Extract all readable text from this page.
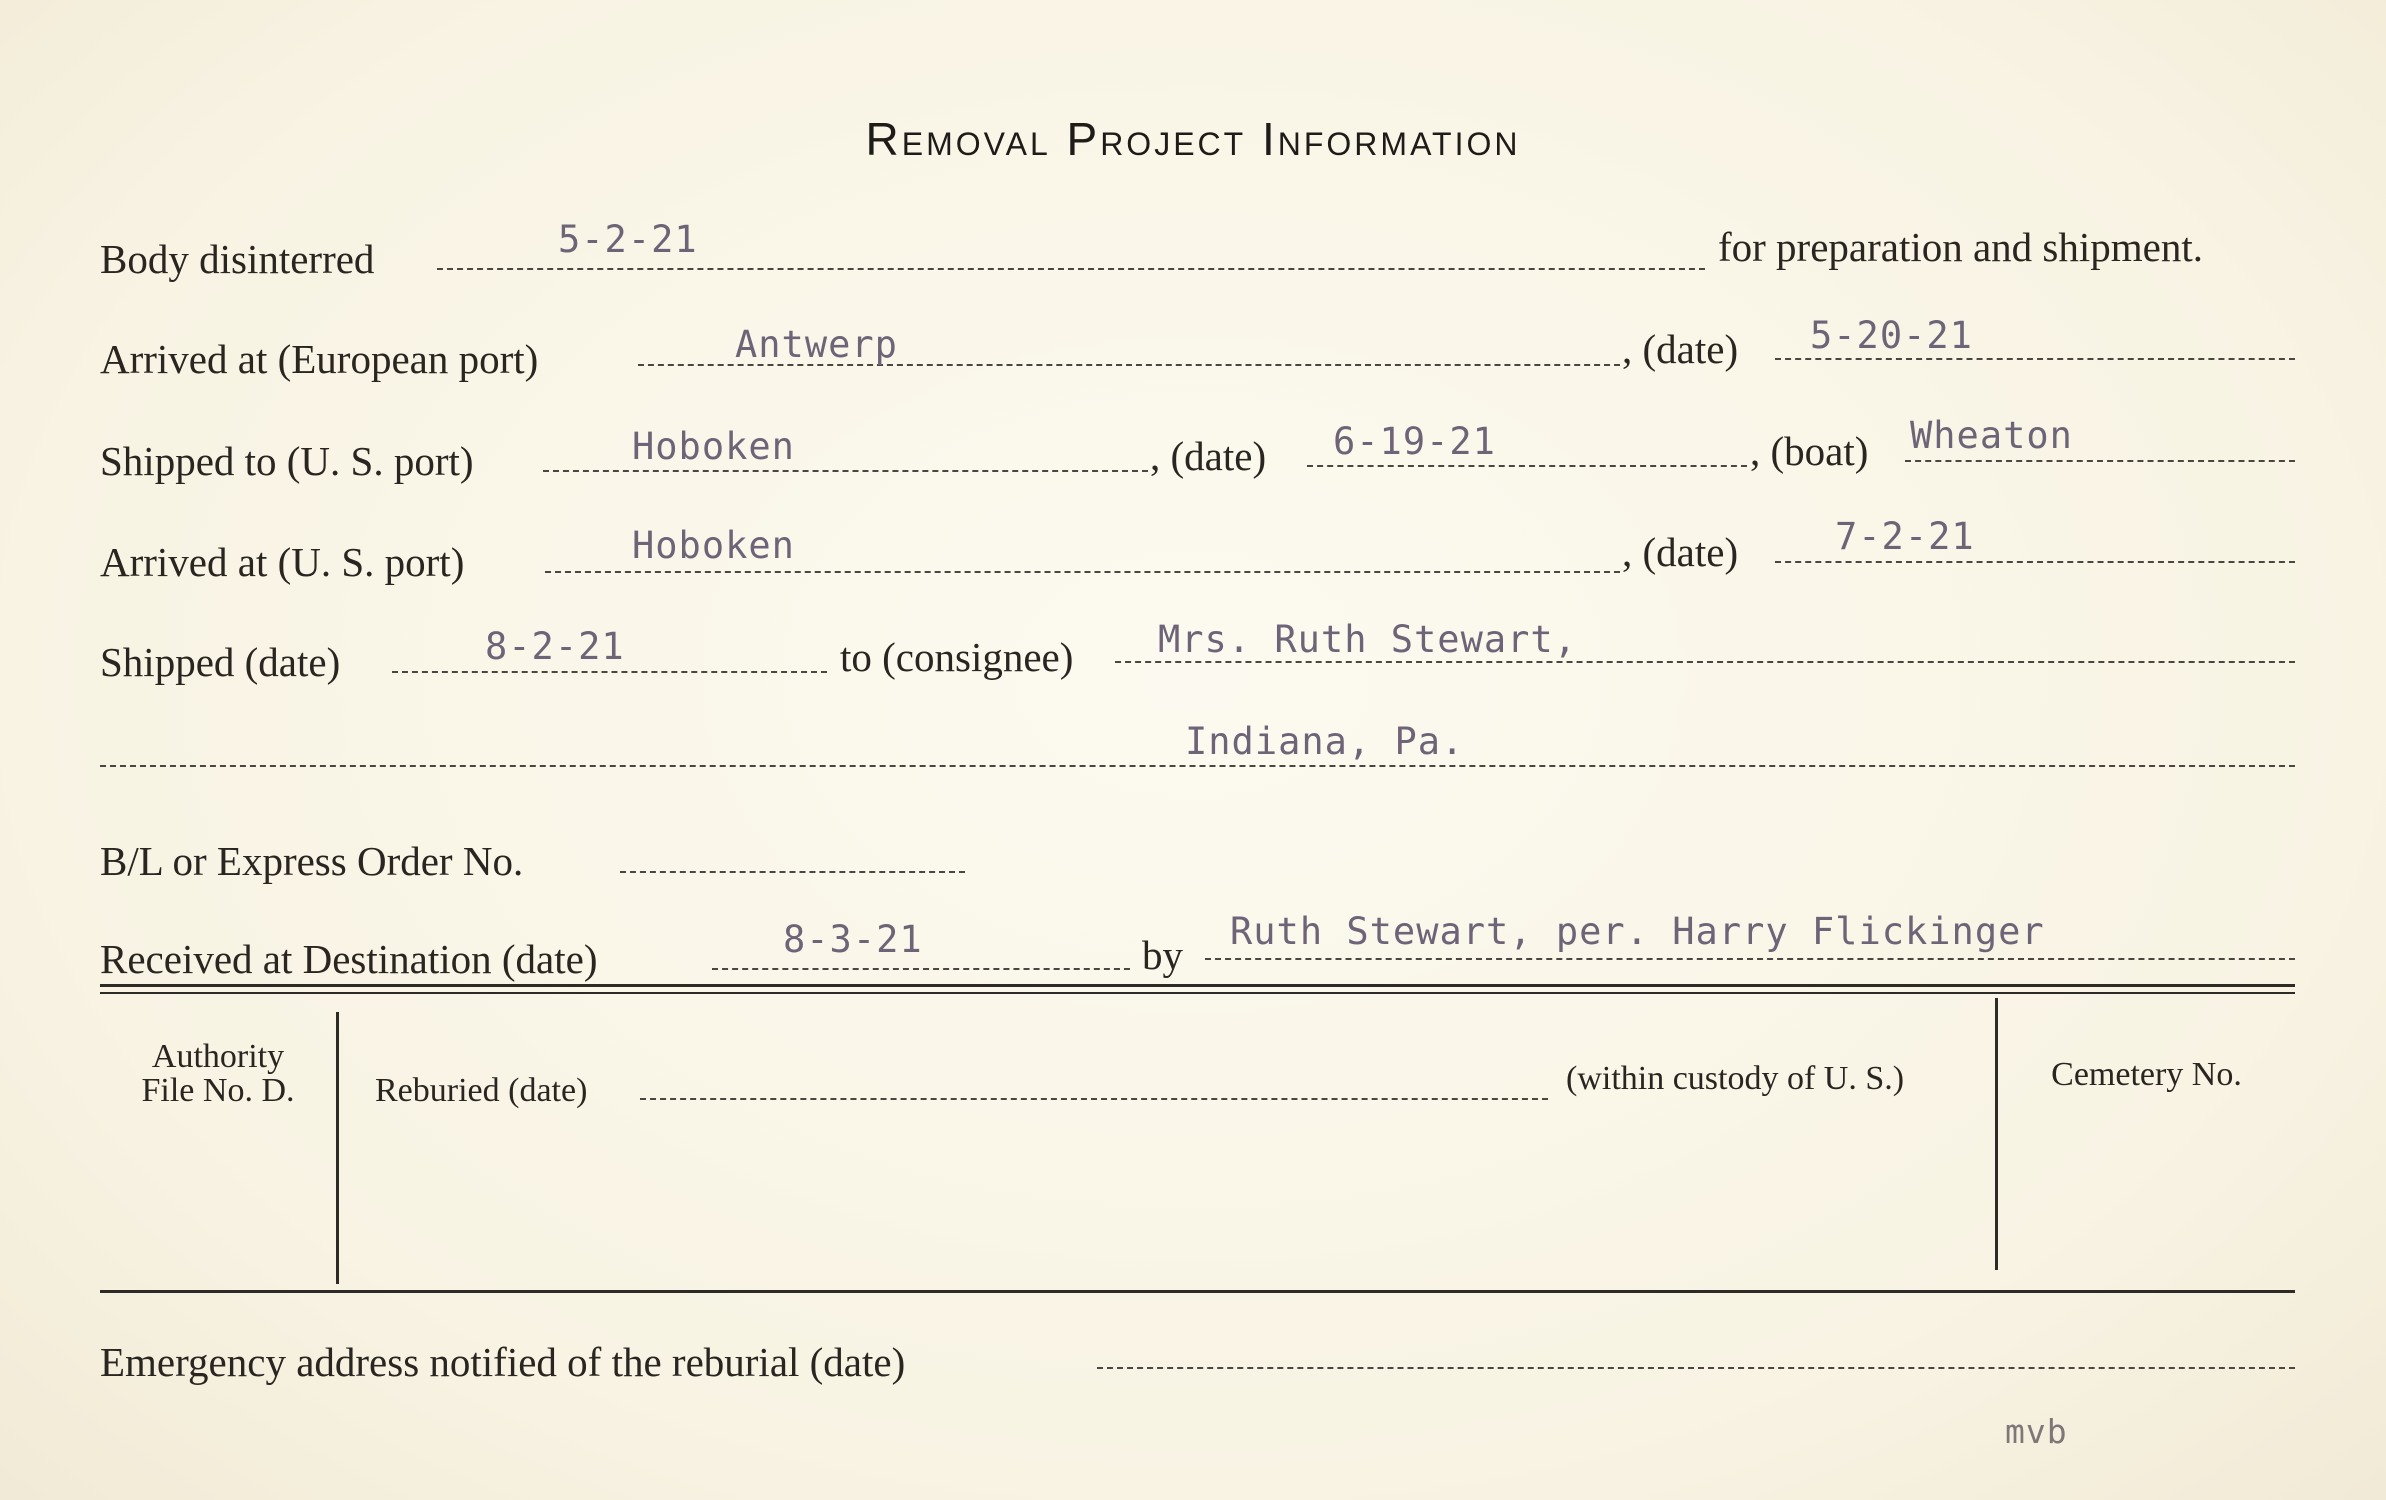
Removal Project Information
Body disinterred	5-2-21	for preparation and shipment.
Arrived at (European port)	Antwerp	, (date) 5-20-21
Shipped to (U. S. port)	Hoboken	, (date) 6-19-21	, (boat) Wheaton
Arrived at (U. S. port)	Hoboken	, (date)	7-2-21
Shipped (date)	8-2-21	to (consignee) Mrs. Ruth Stewart,
Indiana, Pa.
B/L or Express Order No.
Received at Destination (date)	8-3-21	by
Ruth Stewart, per. Harry Flickinger
Authority
File No. D.	Reburied (date)	(within custody of U. S.)	Cemetery No.
Emergency address notified of the reburial (date)
mvb
